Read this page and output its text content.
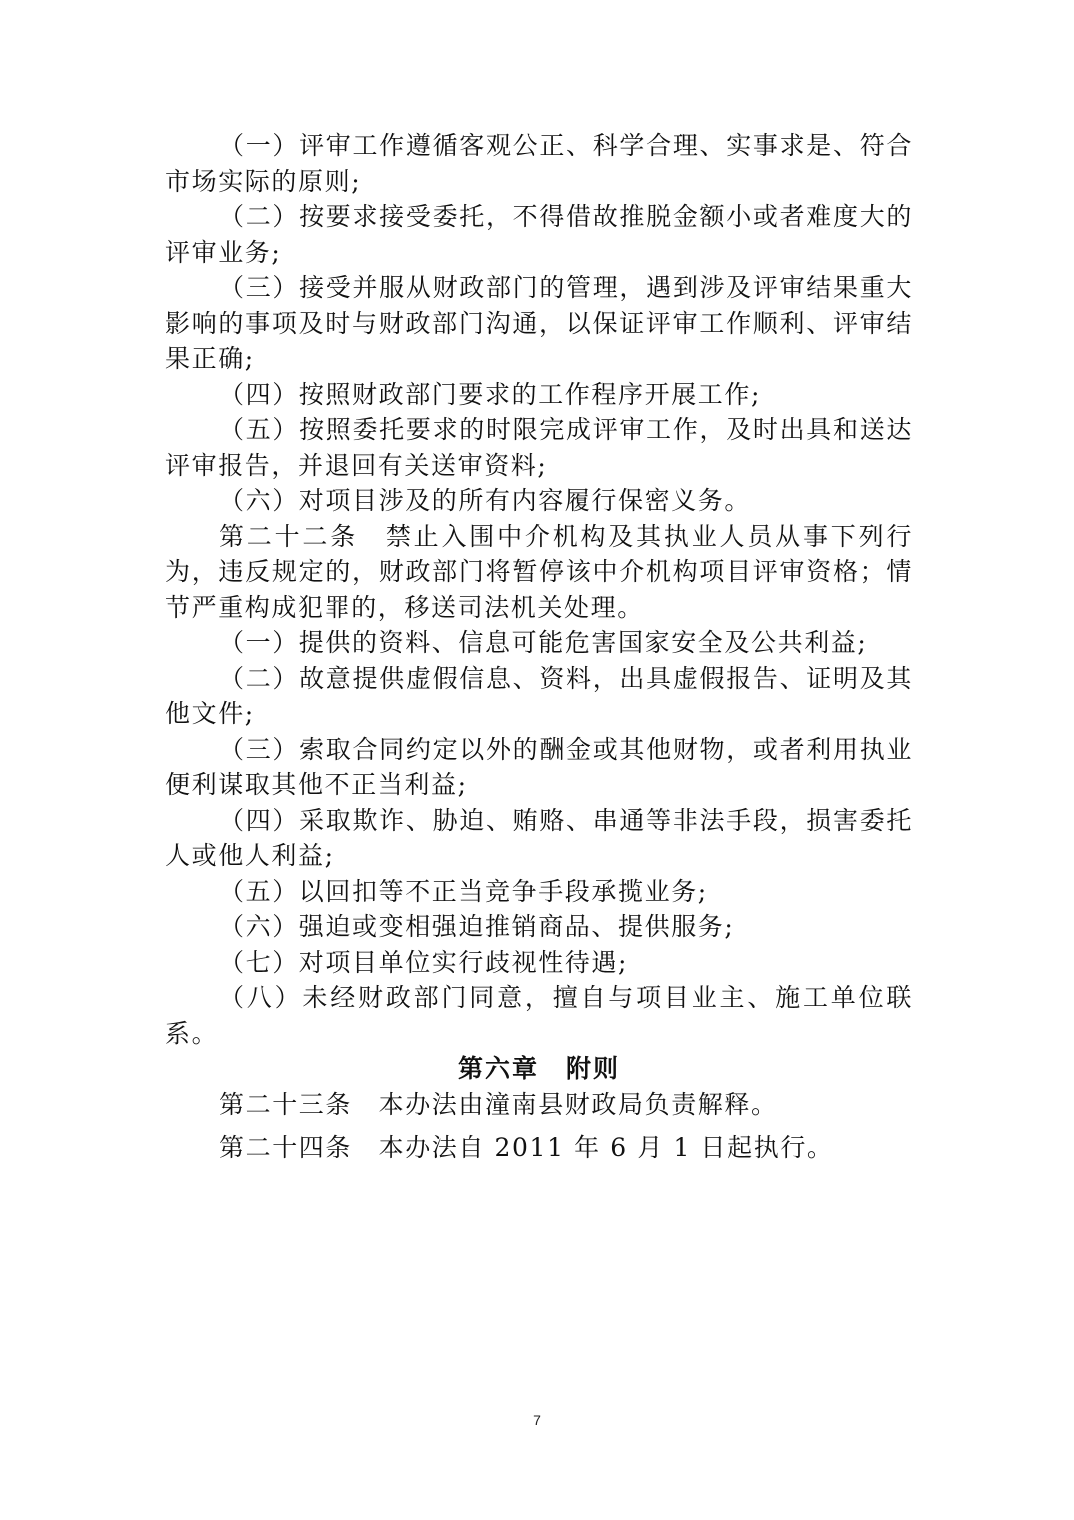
（一）评审工作遵循客观公正、科学合理、实事求是、符合市场实际的原则;

（二）按要求接受委托，不得借故推脱金额小或者难度大的评审业务;

（三）接受并服从财政部门的管理，遇到涉及评审结果重大影响的事项及时与财政部门沟通，以保证评审工作顺利、评审结果正确;

（四）按照财政部门要求的工作程序开展工作;

（五）按照委托要求的时限完成评审工作，及时出具和送达评审报告，并退回有关送审资料;

（六）对项目涉及的所有内容履行保密义务。

第二十二条　禁止入围中介机构及其执业人员从事下列行为，违反规定的，财政部门将暂停该中介机构项目评审资格；情节严重构成犯罪的，移送司法机关处理。

（一）提供的资料、信息可能危害国家安全及公共利益;

（二）故意提供虚假信息、资料，出具虚假报告、证明及其他文件;

（三）索取合同约定以外的酬金或其他财物，或者利用执业便利谋取其他不正当利益;

（四）采取欺诈、胁迫、贿赂、串通等非法手段，损害委托人或他人利益;

（五）以回扣等不正当竞争手段承揽业务;

（六）强迫或变相强迫推销商品、提供服务;

（七）对项目单位实行歧视性待遇;

（八）未经财政部门同意，擅自与项目业主、施工单位联系。

第六章　附则

第二十三条　本办法由潼南县财政局负责解释。

第二十四条　本办法自 2011 年 6 月 1 日起执行。

7
